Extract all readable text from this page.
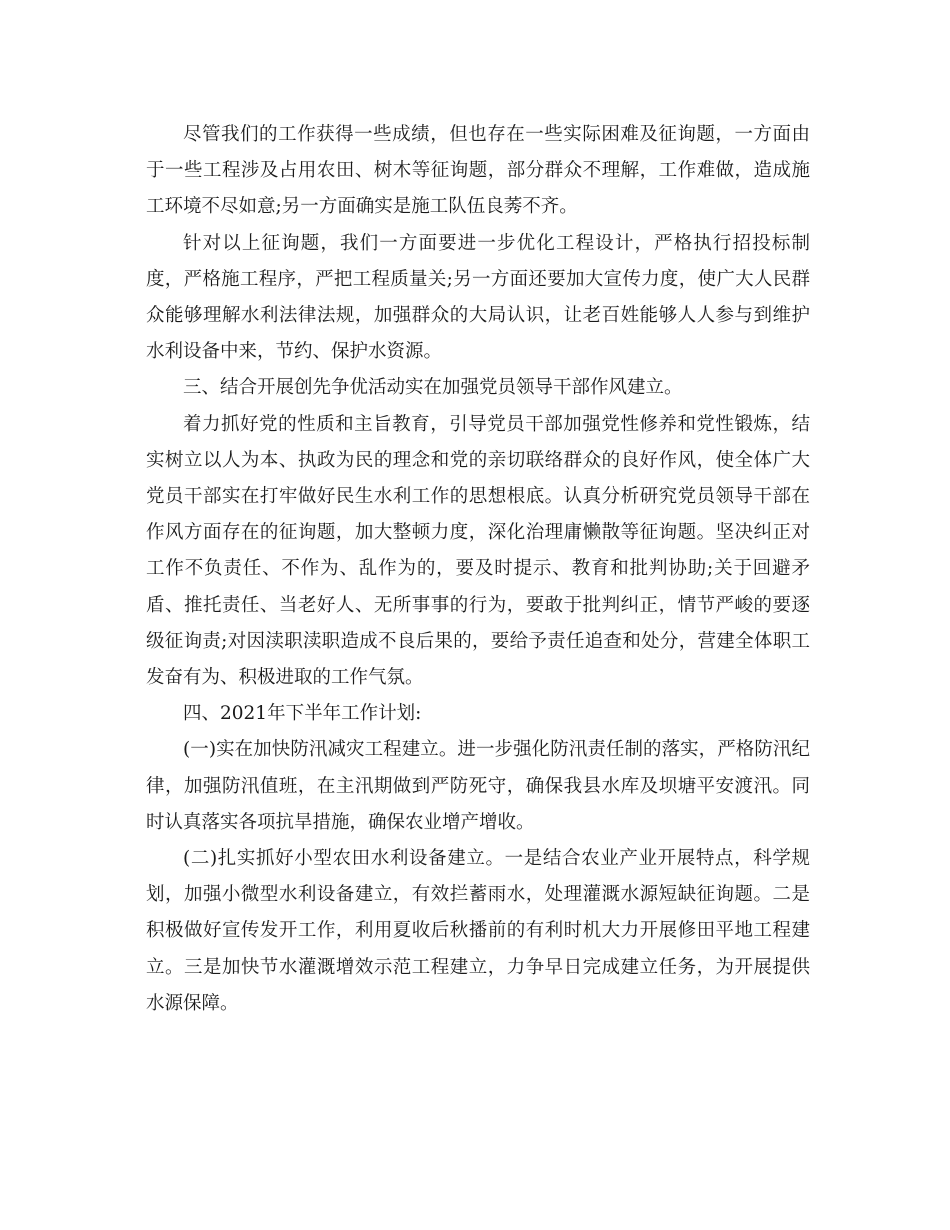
尽管我们的工作获得一些成绩，但也存在一些实际困难及征询题，一方面由于一些工程涉及占用农田、树木等征询题，部分群众不理解，工作难做，造成施工环境不尽如意;另一方面确实是施工队伍良莠不齐。

针对以上征询题，我们一方面要进一步优化工程设计，严格执行招投标制度，严格施工程序，严把工程质量关;另一方面还要加大宣传力度，使广大人民群众能够理解水利法律法规，加强群众的大局认识，让老百姓能够人人参与到维护水利设备中来，节约、保护水资源。

三、结合开展创先争优活动实在加强党员领导干部作风建立。

着力抓好党的性质和主旨教育，引导党员干部加强党性修养和党性锻炼，结实树立以人为本、执政为民的理念和党的亲切联络群众的良好作风，使全体广大党员干部实在打牢做好民生水利工作的思想根底。认真分析研究党员领导干部在作风方面存在的征询题，加大整顿力度，深化治理庸懒散等征询题。坚决纠正对工作不负责任、不作为、乱作为的，要及时提示、教育和批判协助;关于回避矛盾、推托责任、当老好人、无所事事的行为，要敢于批判纠正，情节严峻的要逐级征询责;对因渎职渎职造成不良后果的，要给予责任追查和处分，营建全体职工发奋有为、积极进取的工作气氛。

四、2021年下半年工作计划:

(一)实在加快防汛减灾工程建立。进一步强化防汛责任制的落实，严格防汛纪律，加强防汛值班，在主汛期做到严防死守，确保我县水库及坝塘平安渡汛。同时认真落实各项抗旱措施，确保农业增产增收。

(二)扎实抓好小型农田水利设备建立。一是结合农业产业开展特点，科学规划，加强小微型水利设备建立，有效拦蓄雨水，处理灌溉水源短缺征询题。二是积极做好宣传发开工作，利用夏收后秋播前的有利时机大力开展修田平地工程建立。三是加快节水灌溉增效示范工程建立，力争早日完成建立任务，为开展提供水源保障。
